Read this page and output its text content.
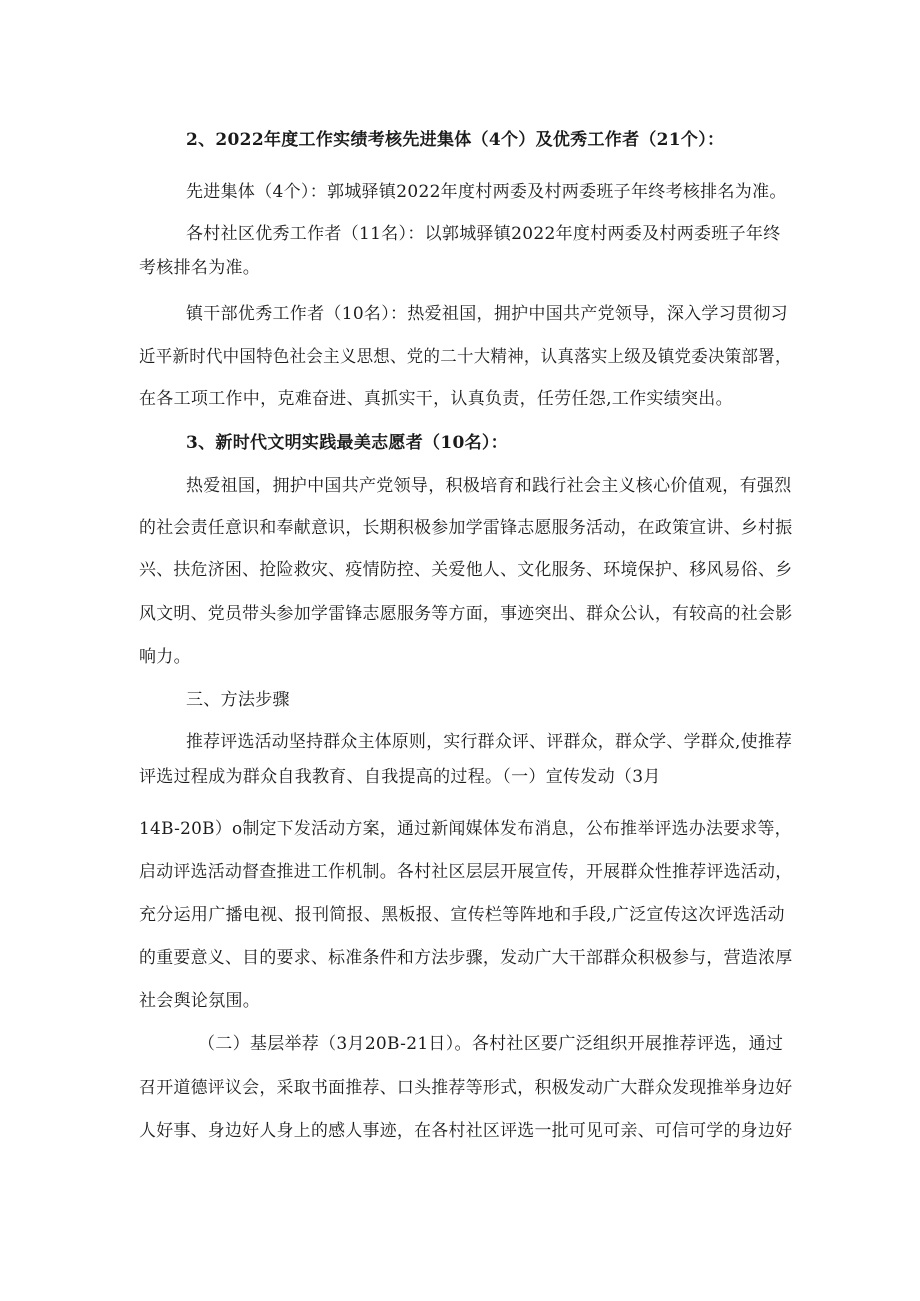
2、2022年度工作实绩考核先进集体（4个）及优秀工作者（21个）：
先进集体（4个）：郭城驿镇2022年度村两委及村两委班子年终考核排名为准。
各村社区优秀工作者（11名）：以郭城驿镇2022年度村两委及村两委班子年终
考核排名为准。
镇干部优秀工作者（10名）：热爱祖国，拥护中国共产党领导，深入学习贯彻习
近平新时代中国特色社会主义思想、党的二十大精神，认真落实上级及镇党委决策部署，
在各工项工作中，克难奋进、真抓实干，认真负责，任劳任怨,工作实绩突出。
3、新时代文明实践最美志愿者（10名）：
热爱祖国，拥护中国共产党领导，积极培育和践行社会主义核心价值观，有强烈
的社会责任意识和奉献意识，长期积极参加学雷锋志愿服务活动，在政策宣讲、乡村振
兴、扶危济困、抢险救灾、疫情防控、关爱他人、文化服务、环境保护、移风易俗、乡
风文明、党员带头参加学雷锋志愿服务等方面，事迹突出、群众公认，有较高的社会影
响力。
三、方法步骤
推荐评选活动坚持群众主体原则，实行群众评、评群众，群众学、学群众,使推荐
评选过程成为群众自我教育、自我提高的过程。（一）宣传发动（3月
14B-20B）o制定下发活动方案，通过新闻媒体发布消息，公布推举评选办法要求等，
启动评选活动督查推进工作机制。各村社区层层开展宣传，开展群众性推荐评选活动，
充分运用广播电视、报刊简报、黑板报、宣传栏等阵地和手段,广泛宣传这次评选活动
的重要意义、目的要求、标准条件和方法步骤，发动广大干部群众积极参与，营造浓厚
社会舆论氛围。
（二）基层举荐（3月20B-21日）。各村社区要广泛组织开展推荐评选，通过
召开道德评议会，采取书面推荐、口头推荐等形式，积极发动广大群众发现推举身边好
人好事、身边好人身上的感人事迹，在各村社区评选一批可见可亲、可信可学的身边好
